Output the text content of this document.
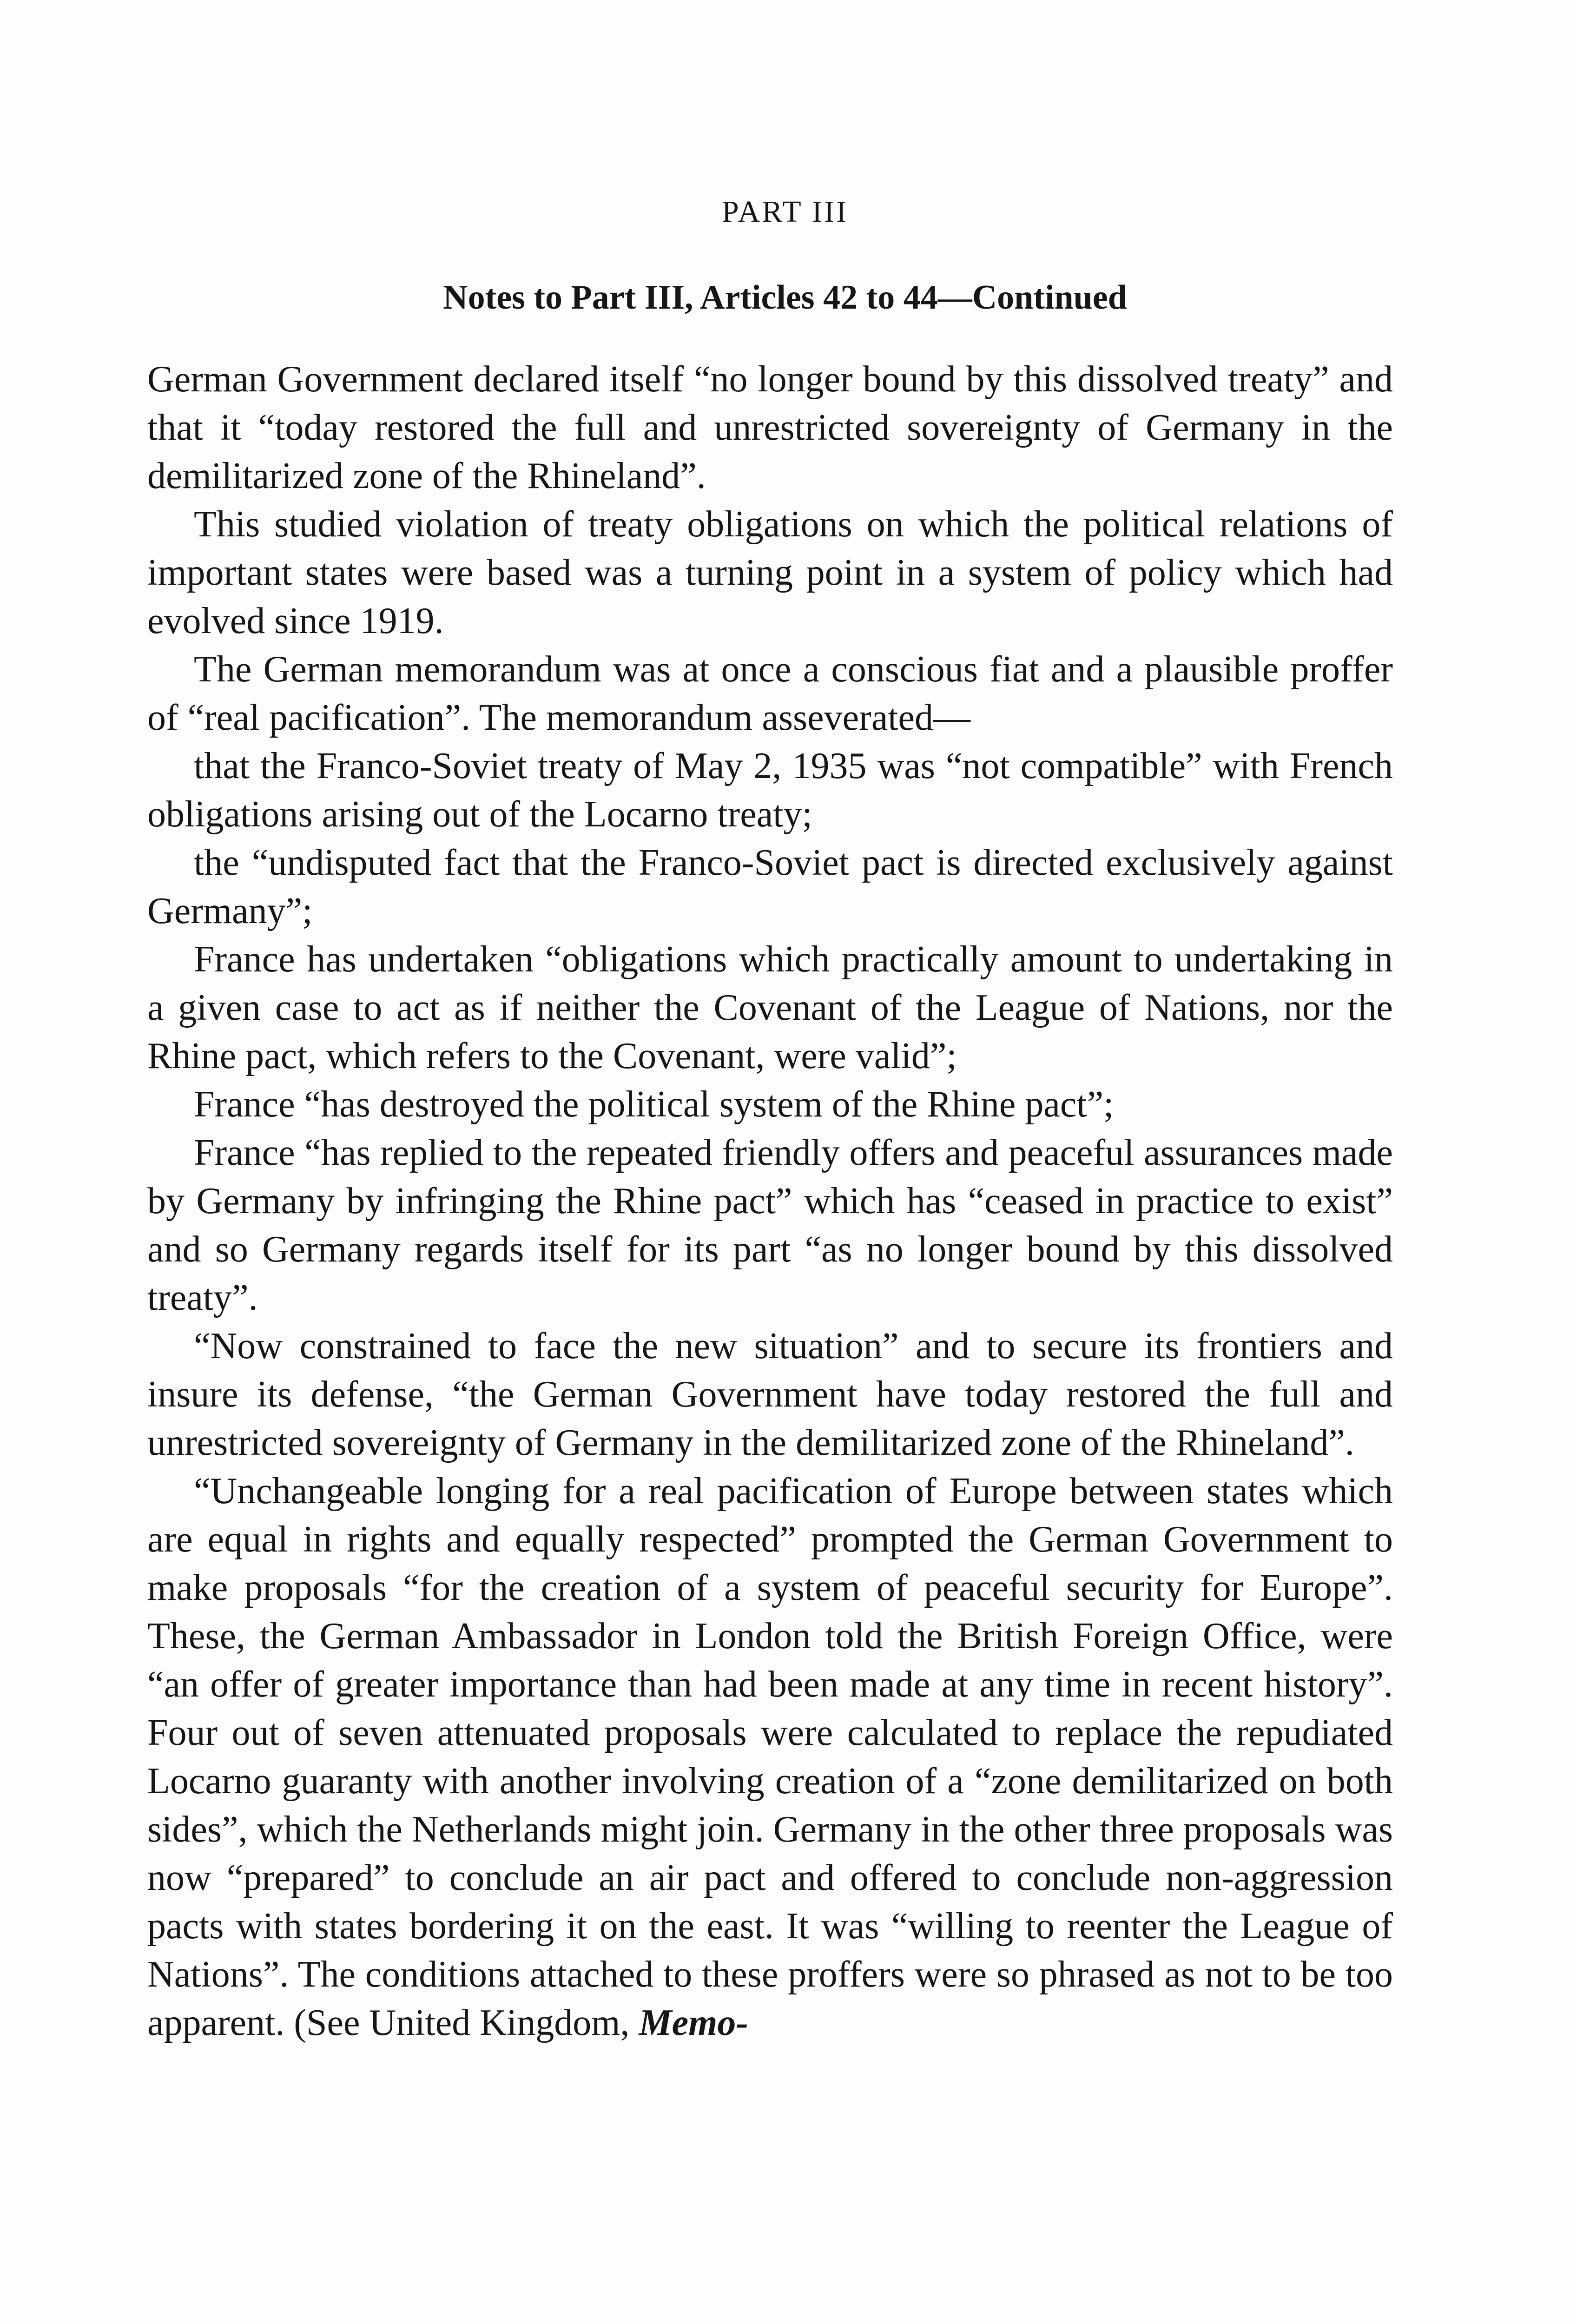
PART III
Notes to Part III, Articles 42 to 44—Continued

German Government declared itself “no longer bound by this dissolved treaty” and that it “today restored the full and unrestricted sovereignty of Germany in the demilitarized zone of the Rhineland”.

This studied violation of treaty obligations on which the political relations of important states were based was a turning point in a system of policy which had evolved since 1919.

The German memorandum was at once a conscious fiat and a plausible proffer of “real pacification”. The memorandum asseverated—

that the Franco-Soviet treaty of May 2, 1935 was “not compatible” with French obligations arising out of the Locarno treaty;

the “undisputed fact that the Franco-Soviet pact is directed exclusively against Germany”;

France has undertaken “obligations which practically amount to undertaking in a given case to act as if neither the Covenant of the League of Nations, nor the Rhine pact, which refers to the Covenant, were valid”;

France “has destroyed the political system of the Rhine pact”;

France “has replied to the repeated friendly offers and peaceful assurances made by Germany by infringing the Rhine pact” which has “ceased in practice to exist” and so Germany regards itself for its part “as no longer bound by this dissolved treaty”.

“Now constrained to face the new situation” and to secure its frontiers and insure its defense, “the German Government have today restored the full and unrestricted sovereignty of Germany in the demilitarized zone of the Rhineland”.

“Unchangeable longing for a real pacification of Europe between states which are equal in rights and equally respected” prompted the German Government to make proposals “for the creation of a system of peaceful security for Europe”. These, the German Ambassador in London told the British Foreign Office, were “an offer of greater importance than had been made at any time in recent history”. Four out of seven attenuated proposals were calculated to replace the repudiated Locarno guaranty with another involving creation of a “zone demilitarized on both sides”, which the Netherlands might join. Germany in the other three proposals was now “prepared” to conclude an air pact and offered to conclude non-aggression pacts with states bordering it on the east. It was “willing to reenter the League of Nations”. The conditions attached to these proffers were so phrased as not to be too apparent. (See United Kingdom, Memo-
